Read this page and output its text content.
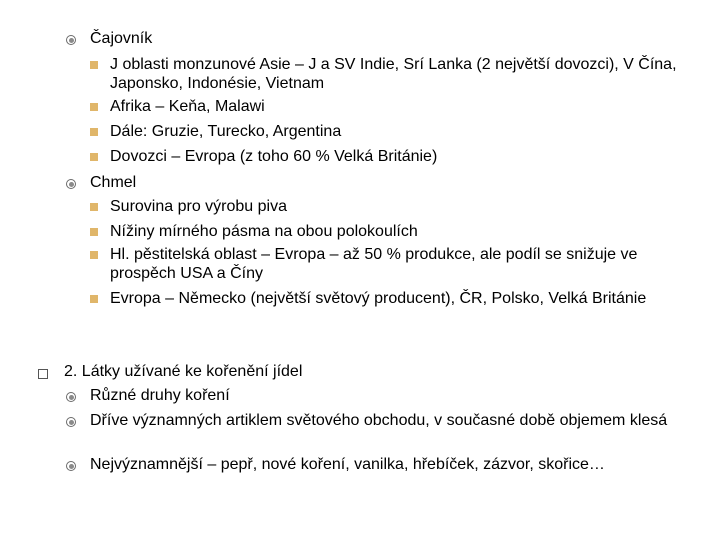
Čajovník
J oblasti monzunové Asie – J a SV Indie, Srí Lanka (2 největší dovozci), V Čína, Japonsko, Indonésie, Vietnam
Afrika – Keňa, Malawi
Dále: Gruzie, Turecko, Argentina
Dovozci – Evropa (z toho 60 % Velká Británie)
Chmel
Surovina pro výrobu piva
Nížiny mírného pásma na obou polokoulích
Hl. pěstitelská oblast – Evropa – až 50 % produkce, ale podíl se snižuje ve prospěch USA a Číny
Evropa – Německo (největší světový producent), ČR, Polsko, Velká Británie
2. Látky užívané ke kořenění jídel
Různé druhy koření
Dříve významných artiklem světového obchodu, v současné době objemem klesá
Nejvýznamnější – pepř, nové koření, vanilka, hřebíček, zázvor, skořice…
